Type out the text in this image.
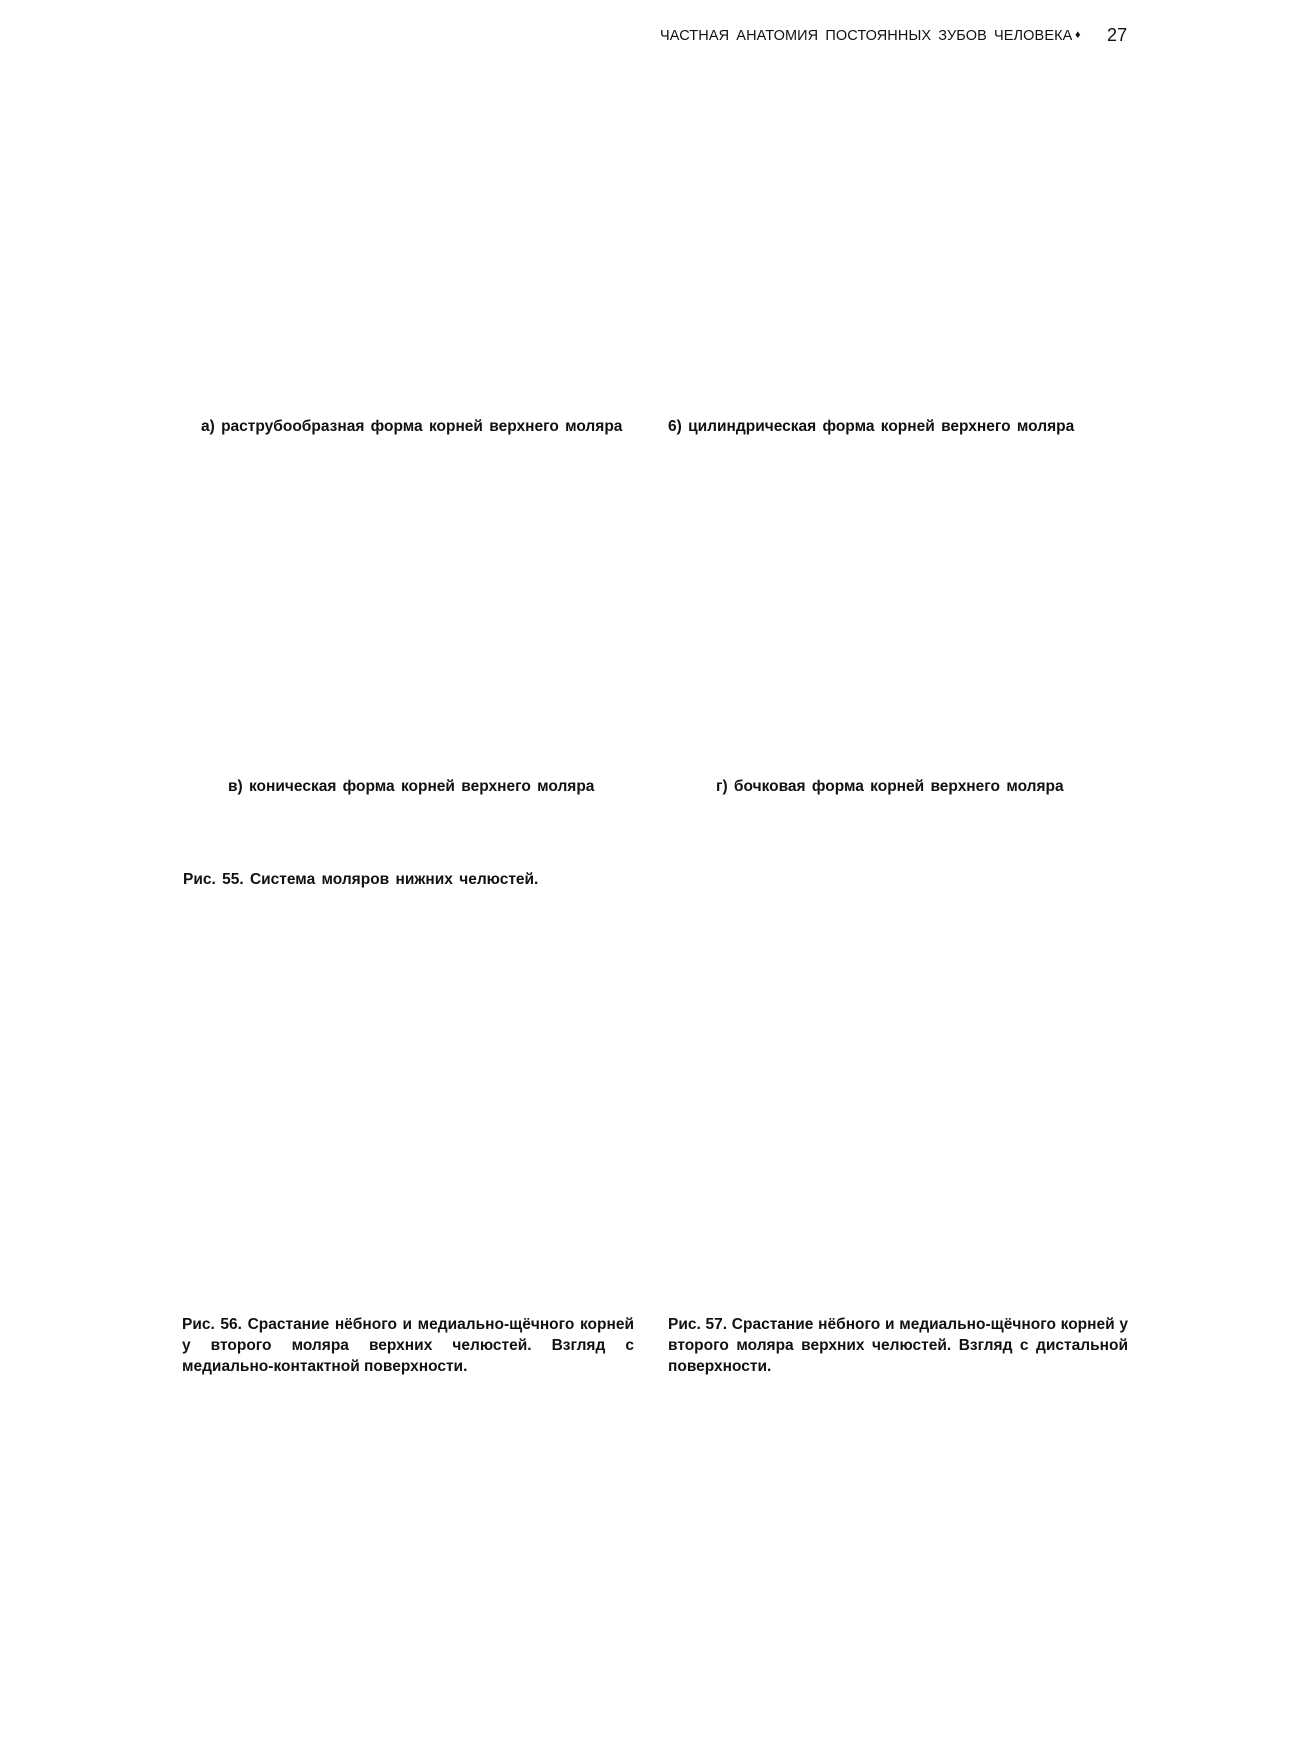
ЧАСТНАЯ АНАТОМИЯ ПОСТОЯННЫХ ЗУБОВ ЧЕЛОВЕКА ♦ 27
а) раструбообразная форма корней верхнего моляра	6) цилиндрическая форма корней верхнего моляра
в) коническая форма корней верхнего моляра	г) бочковая форма корней верхнего моляра
Рис. 55. Система моляров нижних челюстей.
Рис. 56. Срастание нёбного и медиально-щёчного корней у второго моляра верхних челюстей. Взгляд с медиально-контактной поверхности.
Рис. 57. Срастание нёбного и медиально-щёчного корней у второго моляра верхних челюстей. Взгляд с дистальной поверхности.
